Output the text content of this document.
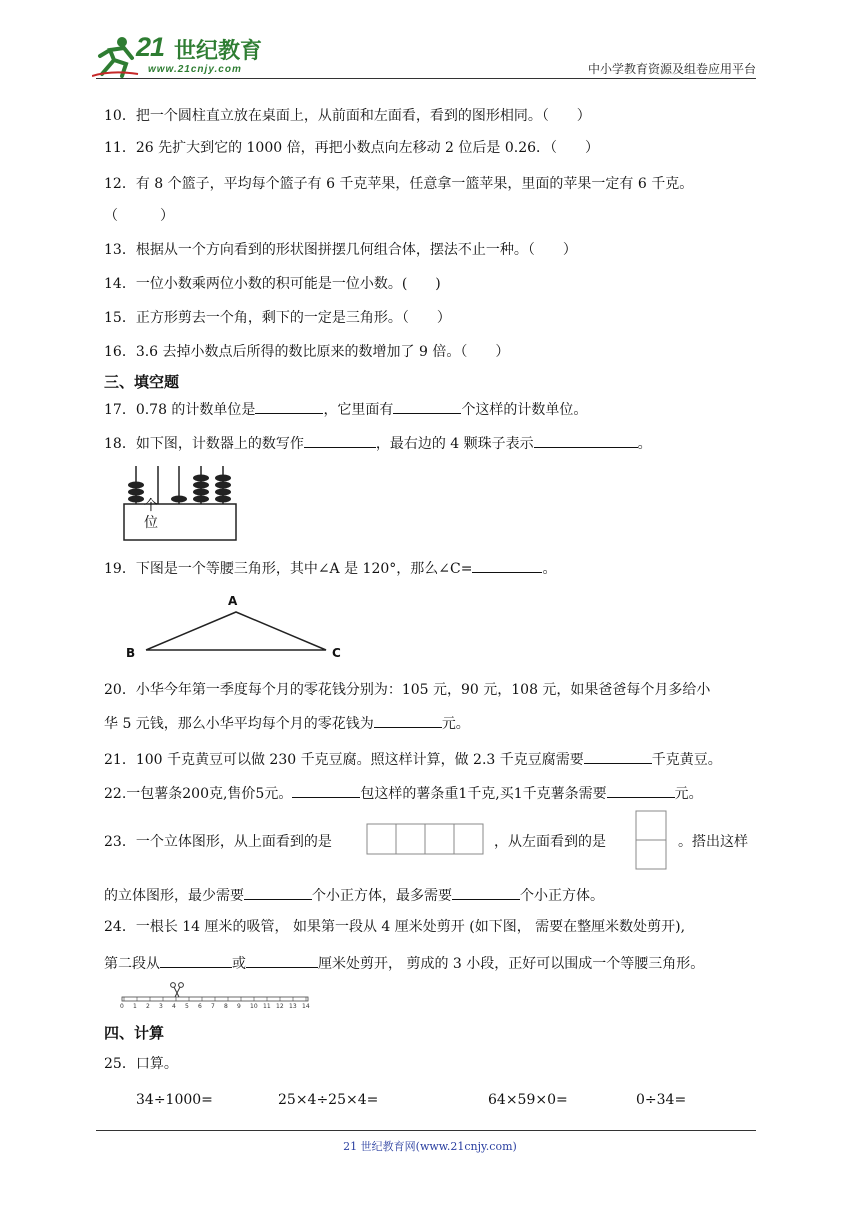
21 世纪教育
www.21cnjy.com	中小学教育资源及组卷应用平台
10．把一个圆柱直立放在桌面上，从前面和左面看，看到的图形相同。（　　）
11．26 先扩大到它的 1000 倍，再把小数点向左移动 2 位后是 0.26．（　　）
12．有 8 个篮子，平均每个篮子有 6 千克苹果，任意拿一篮苹果，里面的苹果一定有 6 千克。
（　　　）
13．根据从一个方向看到的形状图拼摆几何组合体，摆法不止一种。（　　）
14．一位小数乘两位小数的积可能是一位小数。(　　)
15．正方形剪去一个角，剩下的一定是三角形。（　　）
16．3.6 去掉小数点后所得的数比原来的数增加了 9 倍。（　　）
三、填空题
17．0.78 的计数单位是	，它里面有	个这样的计数单位。
18．如下图，计数器上的数写作	，最右边的 4 颗珠子表示	。
个位
19．下图是一个等腰三角形，其中∠A 是 120°，那么∠C=	。
A
B	C
20．小华今年第一季度每个月的零花钱分别为：105 元，90 元，108 元，如果爸爸每个月多给小
华 5 元钱，那么小华平均每个月的零花钱为	元。
21．100 千克黄豆可以做 230 千克豆腐。照这样计算，做 2.3 千克豆腐需要	千克黄豆。
22.一包薯条200克,售价5元。	包这样的薯条重1千克,买1千克薯条需要	元。
23．一个立体图形，从上面看到的是	，从左面看到的是	。搭出这样
的立体图形，最少需要	个小正方体，最多需要	个小正方体。
24．一根长 14 厘米的吸管， 如果第一段从 4 厘米处剪开 (如下图， 需要在整厘米数处剪开),
第二段从	或	厘米处剪开， 剪成的 3 小段，正好可以围成一个等腰三角形。
0 1 2 3 4 5 6 7 8 9 10 11 12 13 14
四、计算
25．口算。
34÷1000=	25×4÷25×4=	64×59×0=	0÷34=
21 世纪教育网(www.21cnjy.com)
